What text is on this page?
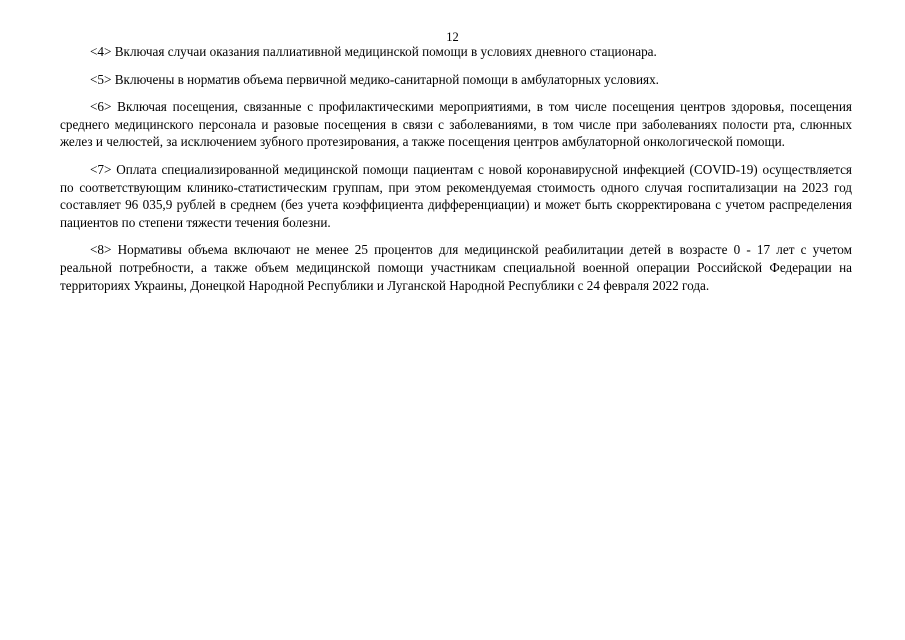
12

<4> Включая случаи оказания паллиативной медицинской помощи в условиях дневного стационара.

<5> Включены в норматив объема первичной медико-санитарной помощи в амбулаторных условиях.

<6> Включая посещения, связанные с профилактическими мероприятиями, в том числе посещения центров здоровья, посещения среднего медицинского персонала и разовые посещения в связи с заболеваниями, в том числе при заболеваниях полости рта, слюнных желез и челюстей, за исключением зубного протезирования, а также посещения центров амбулаторной онкологической помощи.

<7> Оплата специализированной медицинской помощи пациентам с новой коронавирусной инфекцией (COVID-19) осуществляется по соответствующим клинико-статистическим группам, при этом рекомендуемая стоимость одного случая госпитализации на 2023 год составляет 96 035,9 рублей в среднем (без учета коэффициента дифференциации) и может быть скорректирована с учетом распределения пациентов по степени тяжести течения болезни.

<8> Нормативы объема включают не менее 25 процентов для медицинской реабилитации детей в возрасте 0 - 17 лет с учетом реальной потребности, а также объем медицинской помощи участникам специальной военной операции Российской Федерации на территориях Украины, Донецкой Народной Республики и Луганской Народной Республики с 24 февраля 2022 года.
